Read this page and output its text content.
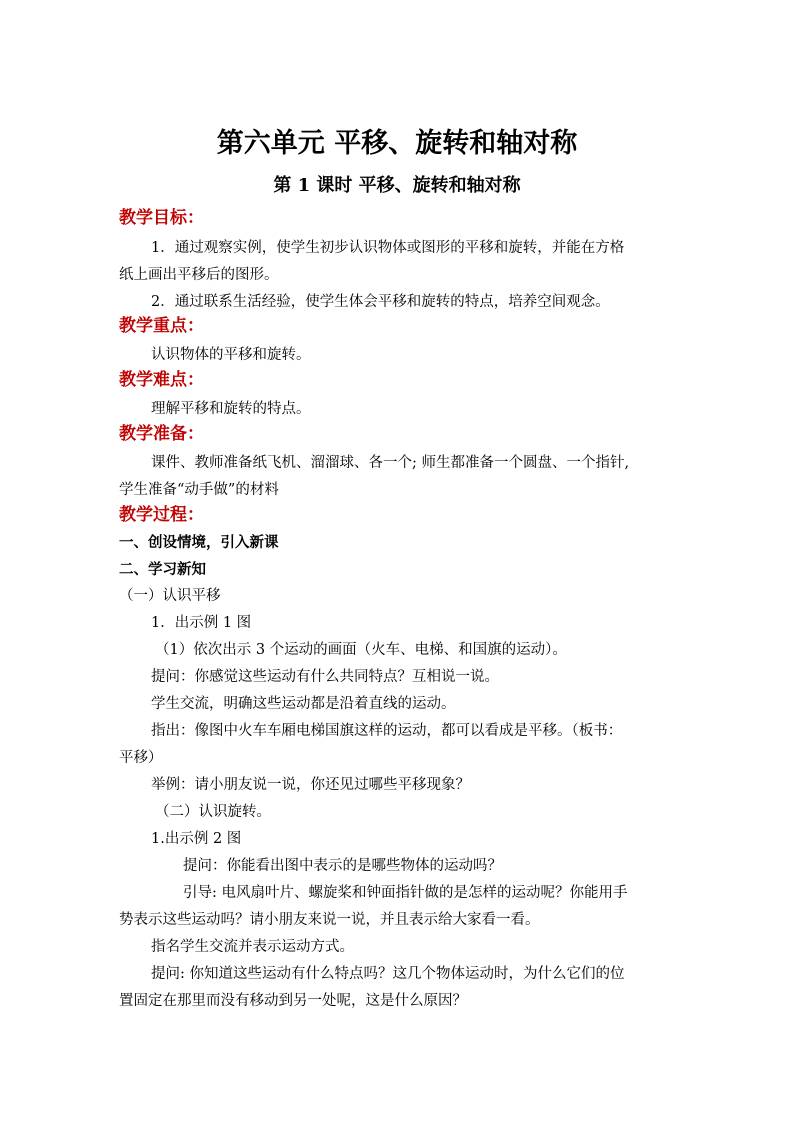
第六单元 平移、旋转和轴对称
第 1 课时 平移、旋转和轴对称
教学目标：
1．通过观察实例，使学生初步认识物体或图形的平移和旋转，并能在方格
纸上画出平移后的图形。
2．通过联系生活经验，使学生体会平移和旋转的特点，培养空间观念。
教学重点：
认识物体的平移和旋转。
教学难点：
理解平移和旋转的特点。
教学准备：
课件、教师准备纸飞机、溜溜球、各一个; 师生都准备一个圆盘、一个指针,
学生准备“动手做”的材料
教学过程：
一、创设情境，引入新课
二、学习新知
（一）认识平移
1．出示例 1 图
（1）依次出示 3 个运动的画面（火车、电梯、和国旗的运动）。
提问：你感觉这些运动有什么共同特点？互相说一说。
学生交流，明确这些运动都是沿着直线的运动。
指出：像图中火车车厢电梯国旗这样的运动，都可以看成是平移。（板书：
平移）
举例：请小朋友说一说，你还见过哪些平移现象？
（二）认识旋转。
1.出示例 2 图
提问：你能看出图中表示的是哪些物体的运动吗？
引导: 电风扇叶片、螺旋桨和钟面指针做的是怎样的运动呢？你能用手
势表示这些运动吗？请小朋友来说一说，并且表示给大家看一看。
指名学生交流并表示运动方式。
提问: 你知道这些运动有什么特点吗？这几个物体运动时，为什么它们的位
置固定在那里而没有移动到另一处呢，这是什么原因？
